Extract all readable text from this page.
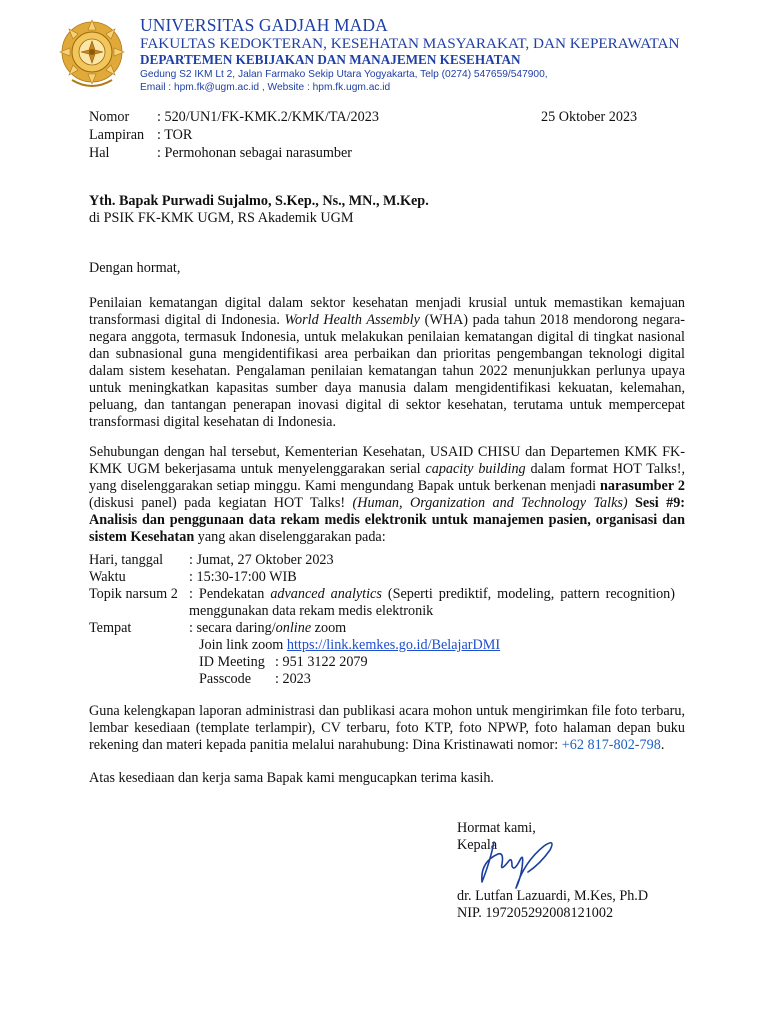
UNIVERSITAS GADJAH MADA
FAKULTAS KEDOKTERAN, KESEHATAN MASYARAKAT, DAN KEPERAWATAN
DEPARTEMEN KEBIJAKAN DAN MANAJEMEN KESEHATAN
Gedung S2 IKM Lt 2, Jalan Farmako Sekip Utara Yogyakarta, Telp (0274) 547659/547900,
Email : hpm.fk@ugm.ac.id , Website : hpm.fk.ugm.ac.id
Nomor	: 520/UN1/FK-KMK.2/KMK/TA/2023
Lampiran : TOR
Hal	: Permohonan sebagai narasumber
25 Oktober 2023
Yth. Bapak Purwadi Sujalmo, S.Kep., Ns., MN., M.Kep.
di PSIK FK-KMK UGM, RS Akademik UGM
Dengan hormat,
Penilaian kematangan digital dalam sektor kesehatan menjadi krusial untuk memastikan kemajuan transformasi digital di Indonesia. World Health Assembly (WHA) pada tahun 2018 mendorong negara-negara anggota, termasuk Indonesia, untuk melakukan penilaian kematangan digital di tingkat nasional dan subnasional guna mengidentifikasi area perbaikan dan prioritas pengembangan teknologi digital dalam sistem kesehatan. Pengalaman penilaian kematangan tahun 2022 menunjukkan perlunya upaya untuk meningkatkan kapasitas sumber daya manusia dalam mengidentifikasi kekuatan, kelemahan, peluang, dan tantangan penerapan inovasi digital di sektor kesehatan, terutama untuk mempercepat transformasi digital kesehatan di Indonesia.
Sehubungan dengan hal tersebut, Kementerian Kesehatan, USAID CHISU dan Departemen KMK FK-KMK UGM bekerjasama untuk menyelenggarakan serial capacity building dalam format HOT Talks!, yang diselenggarakan setiap minggu. Kami mengundang Bapak untuk berkenan menjadi narasumber 2 (diskusi panel) pada kegiatan HOT Talks! (Human, Organization and Technology Talks) Sesi #9: Analisis dan penggunaan data rekam medis elektronik untuk manajemen pasien, organisasi dan sistem Kesehatan yang akan diselenggarakan pada:
Hari, tanggal	: Jumat, 27 Oktober 2023
Waktu	: 15:30-17:00 WIB
Topik narsum 2 : Pendekatan advanced analytics (Seperti prediktif, modeling, pattern recognition) menggunakan data rekam medis elektronik
Tempat	: secara daring/online zoom
Join link zoom https://link.kemkes.go.id/BelajarDMI
ID Meeting : 951 3122 2079
Passcode	: 2023
Guna kelengkapan laporan administrasi dan publikasi acara mohon untuk mengirimkan file foto terbaru, lembar kesediaan (template terlampir), CV terbaru, foto KTP, foto NPWP, foto halaman depan buku rekening dan materi kepada panitia melalui narahubung: Dina Kristinawati nomor: +62 817-802-798.
Atas kesediaan dan kerja sama Bapak kami mengucapkan terima kasih.
Hormat kami,
Kepala
dr. Lutfan Lazuardi, M.Kes, Ph.D
NIP. 197205292008121002
